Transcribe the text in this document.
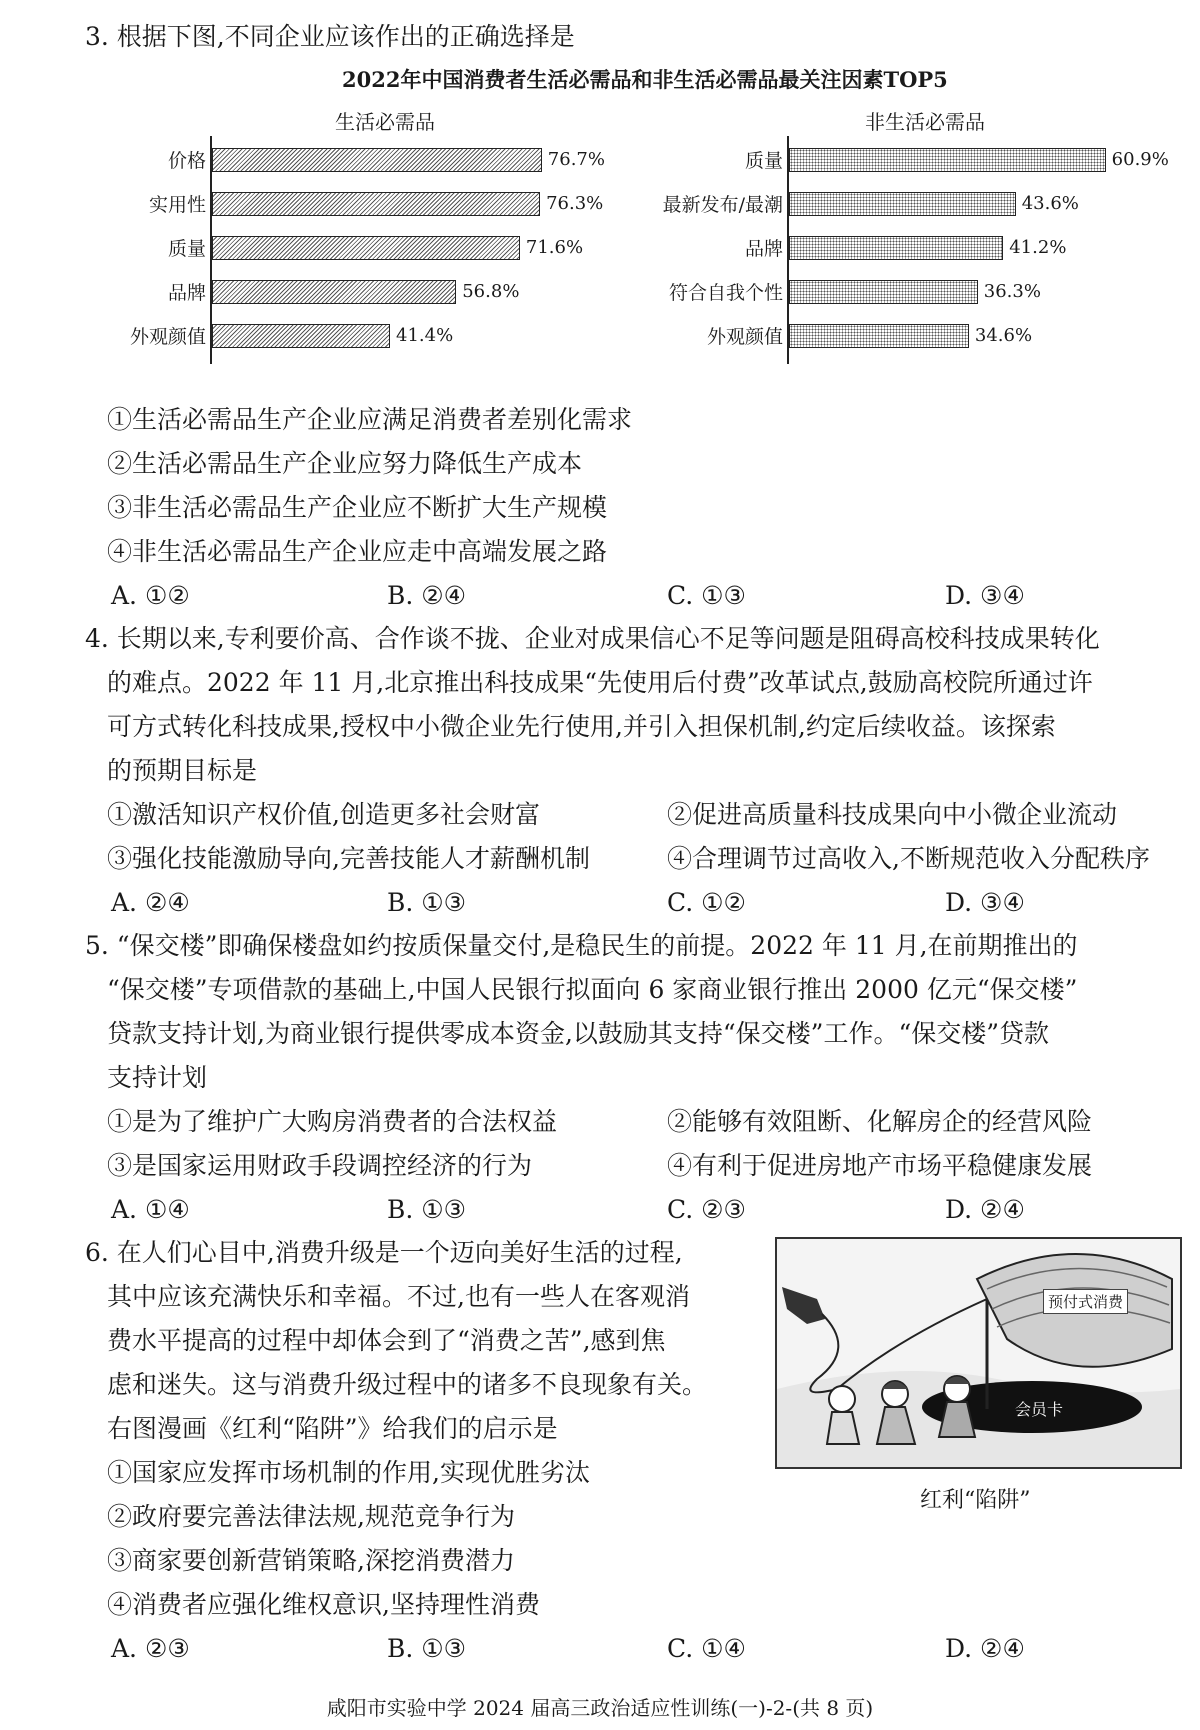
3. 根据下图,不同企业应该作出的正确选择是
2022年中国消费者生活必需品和非生活必需品最关注因素TOP5
生活必需品
价格	76.7%
实用性	76.3%
质量	71.6%
品牌	56.8%
外观颜值	41.4%
非生活必需品
质量	60.9%
最新发布/最潮	43.6%
品牌	41.2%
符合自我个性	36.3%
外观颜值	34.6%
①生活必需品生产企业应满足消费者差别化需求
②生活必需品生产企业应努力降低生产成本
③非生活必需品生产企业应不断扩大生产规模
④非生活必需品生产企业应走中高端发展之路
A. ①②	B. ②④	C. ①③	D. ③④
4. 长期以来,专利要价高、合作谈不拢、企业对成果信心不足等问题是阻碍高校科技成果转化
的难点。2022 年 11 月,北京推出科技成果“先使用后付费”改革试点,鼓励高校院所通过许
可方式转化科技成果,授权中小微企业先行使用,并引入担保机制,约定后续收益。该探索
的预期目标是
①激活知识产权价值,创造更多社会财富	②促进高质量科技成果向中小微企业流动
③强化技能激励导向,完善技能人才薪酬机制	④合理调节过高收入,不断规范收入分配秩序
A. ②④	B. ①③	C. ①②	D. ③④
5. “保交楼”即确保楼盘如约按质保量交付,是稳民生的前提。2022 年 11 月,在前期推出的
“保交楼”专项借款的基础上,中国人民银行拟面向 6 家商业银行推出 2000 亿元“保交楼”
贷款支持计划,为商业银行提供零成本资金,以鼓励其支持“保交楼”工作。“保交楼”贷款
支持计划
①是为了维护广大购房消费者的合法权益	②能够有效阻断、化解房企的经营风险
③是国家运用财政手段调控经济的行为	④有利于促进房地产市场平稳健康发展
A. ①④	B. ①③	C. ②③	D. ②④
6. 在人们心目中,消费升级是一个迈向美好生活的过程,
其中应该充满快乐和幸福。不过,也有一些人在客观消
费水平提高的过程中却体会到了“消费之苦”,感到焦
虑和迷失。这与消费升级过程中的诸多不良现象有关。
右图漫画《红利“陷阱”》给我们的启示是
①国家应发挥市场机制的作用,实现优胜劣汰
②政府要完善法律法规,规范竞争行为
③商家要创新营销策略,深挖消费潜力
④消费者应强化维权意识,坚持理性消费
A. ②③	B. ①③	C. ①④	D. ②④
预付式消费
会员卡
红利“陷阱”
咸阳市实验中学 2024 届高三政治适应性训练(一)-2-(共 8 页)
